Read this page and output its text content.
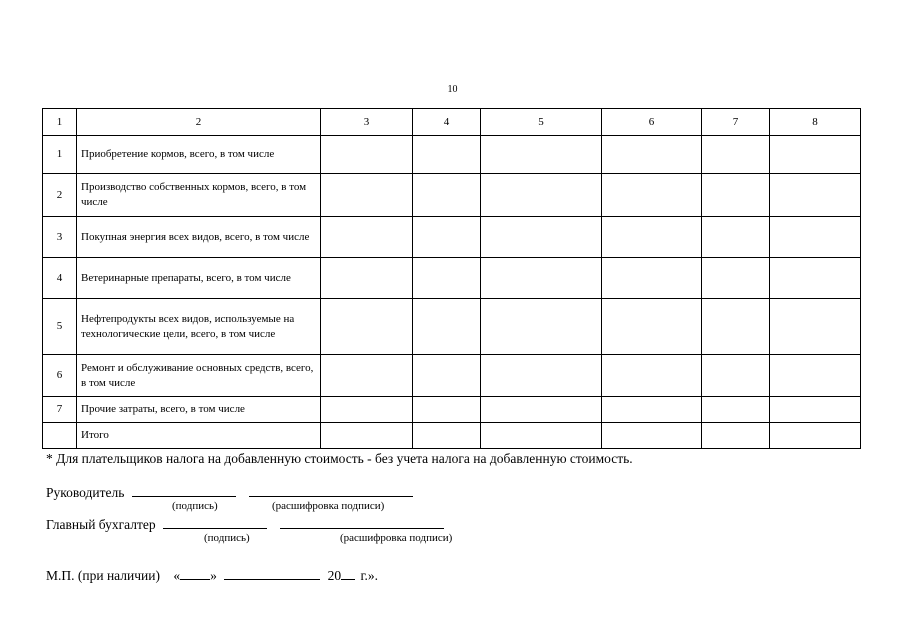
10
1	2	3	4	5	6	7	8
1	Приобретение кормов, всего, в том числе						
2	Производство собственных кормов, всего, в том числе						
3	Покупная энергия всех видов, всего, в том числе						
4	Ветеринарные препараты, всего, в том числе						
5	Нефтепродукты всех видов, используемые на технологические цели, всего, в том числе						
6	Ремонт и обслуживание основных средств, всего, в том числе						
7	Прочие затраты, всего, в том числе						
	Итого						
* Для плательщиков налога на добавленную стоимость - без учета налога на добавленную стоимость.
Руководитель
(подпись)	(расшифровка подписи)
Главный бухгалтер
(подпись)	(расшифровка подписи)
М.П. (при наличии) « »	20 г.».
